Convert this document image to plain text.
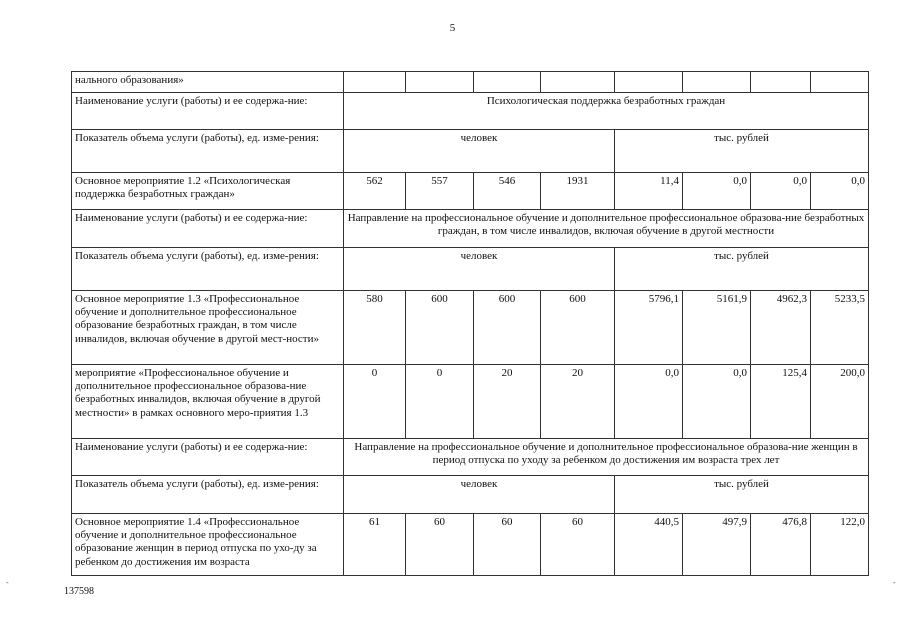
5
нального образования»								
Наименование услуги (работы) и ее содержа-ние:	Психологическая поддержка безработных граждан							
Показатель объема услуги (работы), ед. изме-рения:	человек				тыс. рублей			
Основное мероприятие 1.2 «Психологическая поддержка безработных граждан»	562	557	546	1931	11,4	0,0	0,0	0,0
Наименование услуги (работы) и ее содержа-ние:	Направление на профессиональное обучение и дополнительное профессиональное образова-ние безработных граждан, в том числе инвалидов, включая обучение в другой местности							
Показатель объема услуги (работы), ед. изме-рения:	человек				тыс. рублей			
Основное мероприятие 1.3 «Профессиональное обучение и дополнительное профессиональное образование безработных граждан, в том числе инвалидов, включая обучение в другой мест-ности»	580	600	600	600	5796,1	5161,9	4962,3	5233,5
мероприятие «Профессиональное обучение и дополнительное профессиональное образова-ние безработных инвалидов, включая обучение в другой местности» в рамках основного меро-приятия 1.3	0	0	20	20	0,0	0,0	125,4	200,0
Наименование услуги (работы) и ее содержа-ние:	Направление на профессиональное обучение и дополнительное профессиональное образова-ние женщин в период отпуска по уходу за ребенком до достижения им возраста трех лет							
Показатель объема услуги (работы), ед. изме-рения:	человек				тыс. рублей			
Основное мероприятие 1.4 «Профессиональное обучение и дополнительное профессиональное образование женщин в период отпуска по ухо-ду за ребенком до достижения им возраста	61	60	60	60	440,5	497,9	476,8	122,0
-	-
137598
